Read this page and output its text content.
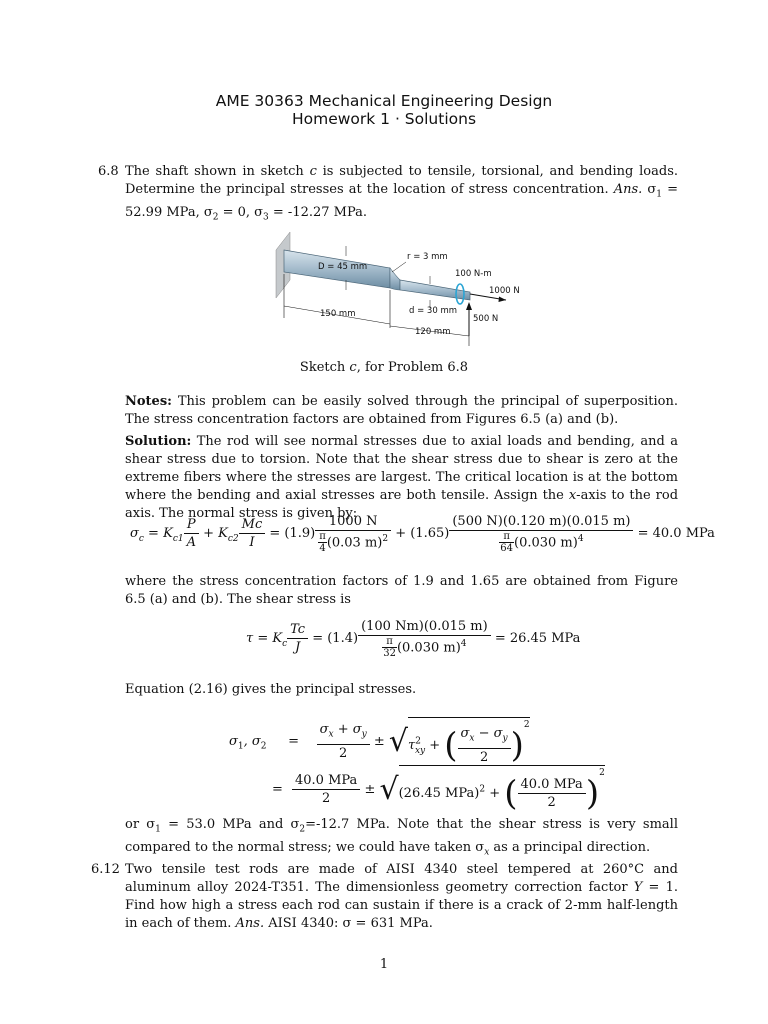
AME 30363 Mechanical Engineering Design
Homework 1 · Solutions
6.8 The shaft shown in sketch c is subjected to tensile, torsional, and bending loads. Determine the principal stresses at the location of stress concentration. Ans. $\sigma_1 = 52.99$ MPa, $\sigma_2 = 0$, $\sigma_3 = -12.27$ MPa.
D = 45 mm
r = 3 mm
100 N-m
1000 N
150 mm	d = 30 mm
120 mm
500 N
Sketch c, for Problem 6.8
Notes: This problem can be easily solved through the principal of superposition. The stress concentration factors are obtained from Figures 6.5 (a) and (b).
Solution: The rod will see normal stresses due to axial loads and bending, and a shear stress due to torsion. Note that the shear stress due to shear is zero at the extreme fibers where the stresses are largest. The critical location is at the bottom where the bending and axial stresses are both tensile. Assign the x-axis to the rod axis. The normal stress is given by:
$\sigma_c = K_{c1} \frac{P}{A} + K_{c2} \frac{Mc}{I} = (1.9) \frac{1000 N}{\frac{\pi}{4} (0.03 m)^2} + (1.65) \frac{(500 N)(0.120 m)(0.015 m)}{\frac{\pi}{64} (0.030 m)^4} = 40.0$ MPa
where the stress concentration factors of 1.9 and 1.65 are obtained from Figure 6.5 (a) and (b). The shear stress is
$\tau = K_c \frac{Tc}{J} = (1.4) \frac{(100 Nm)(0.015 m)}{\frac{\pi}{32} (0.030 m)^4} = 26.45$ MPa
Equation (2.16) gives the principal stresses.
$\sigma_1$, $\sigma_2 = \frac{\sigma_x + \sigma_y}{2} \pm √\tau^2_{xy}$ + ( $\frac{\sigma_x - \sigma_y}{2} )^2$
= $\frac{\text{40.0 MPa}}{2} \pm √(26.45$ MPa)$^2$ + ( $\frac{\text{40.0 MPa}}{2} )^2$
or $\sigma_1 = 53.0$ MPa and $\sigma_2=-12.7$ MPa. Note that the shear stress is very small compared to the normal stress; we could have taken $\sigma_x$ as a principal direction.
6.12 Two tensile test rods are made of AISI 4340 steel tempered at 260°C and aluminum alloy 2024-T351. The dimensionless geometry correction factor Y = 1. Find how high a stress each rod can sustain if there is a crack of 2-mm half-length in each of them. Ans. AISI 4340: σ = 631 MPa.
1
